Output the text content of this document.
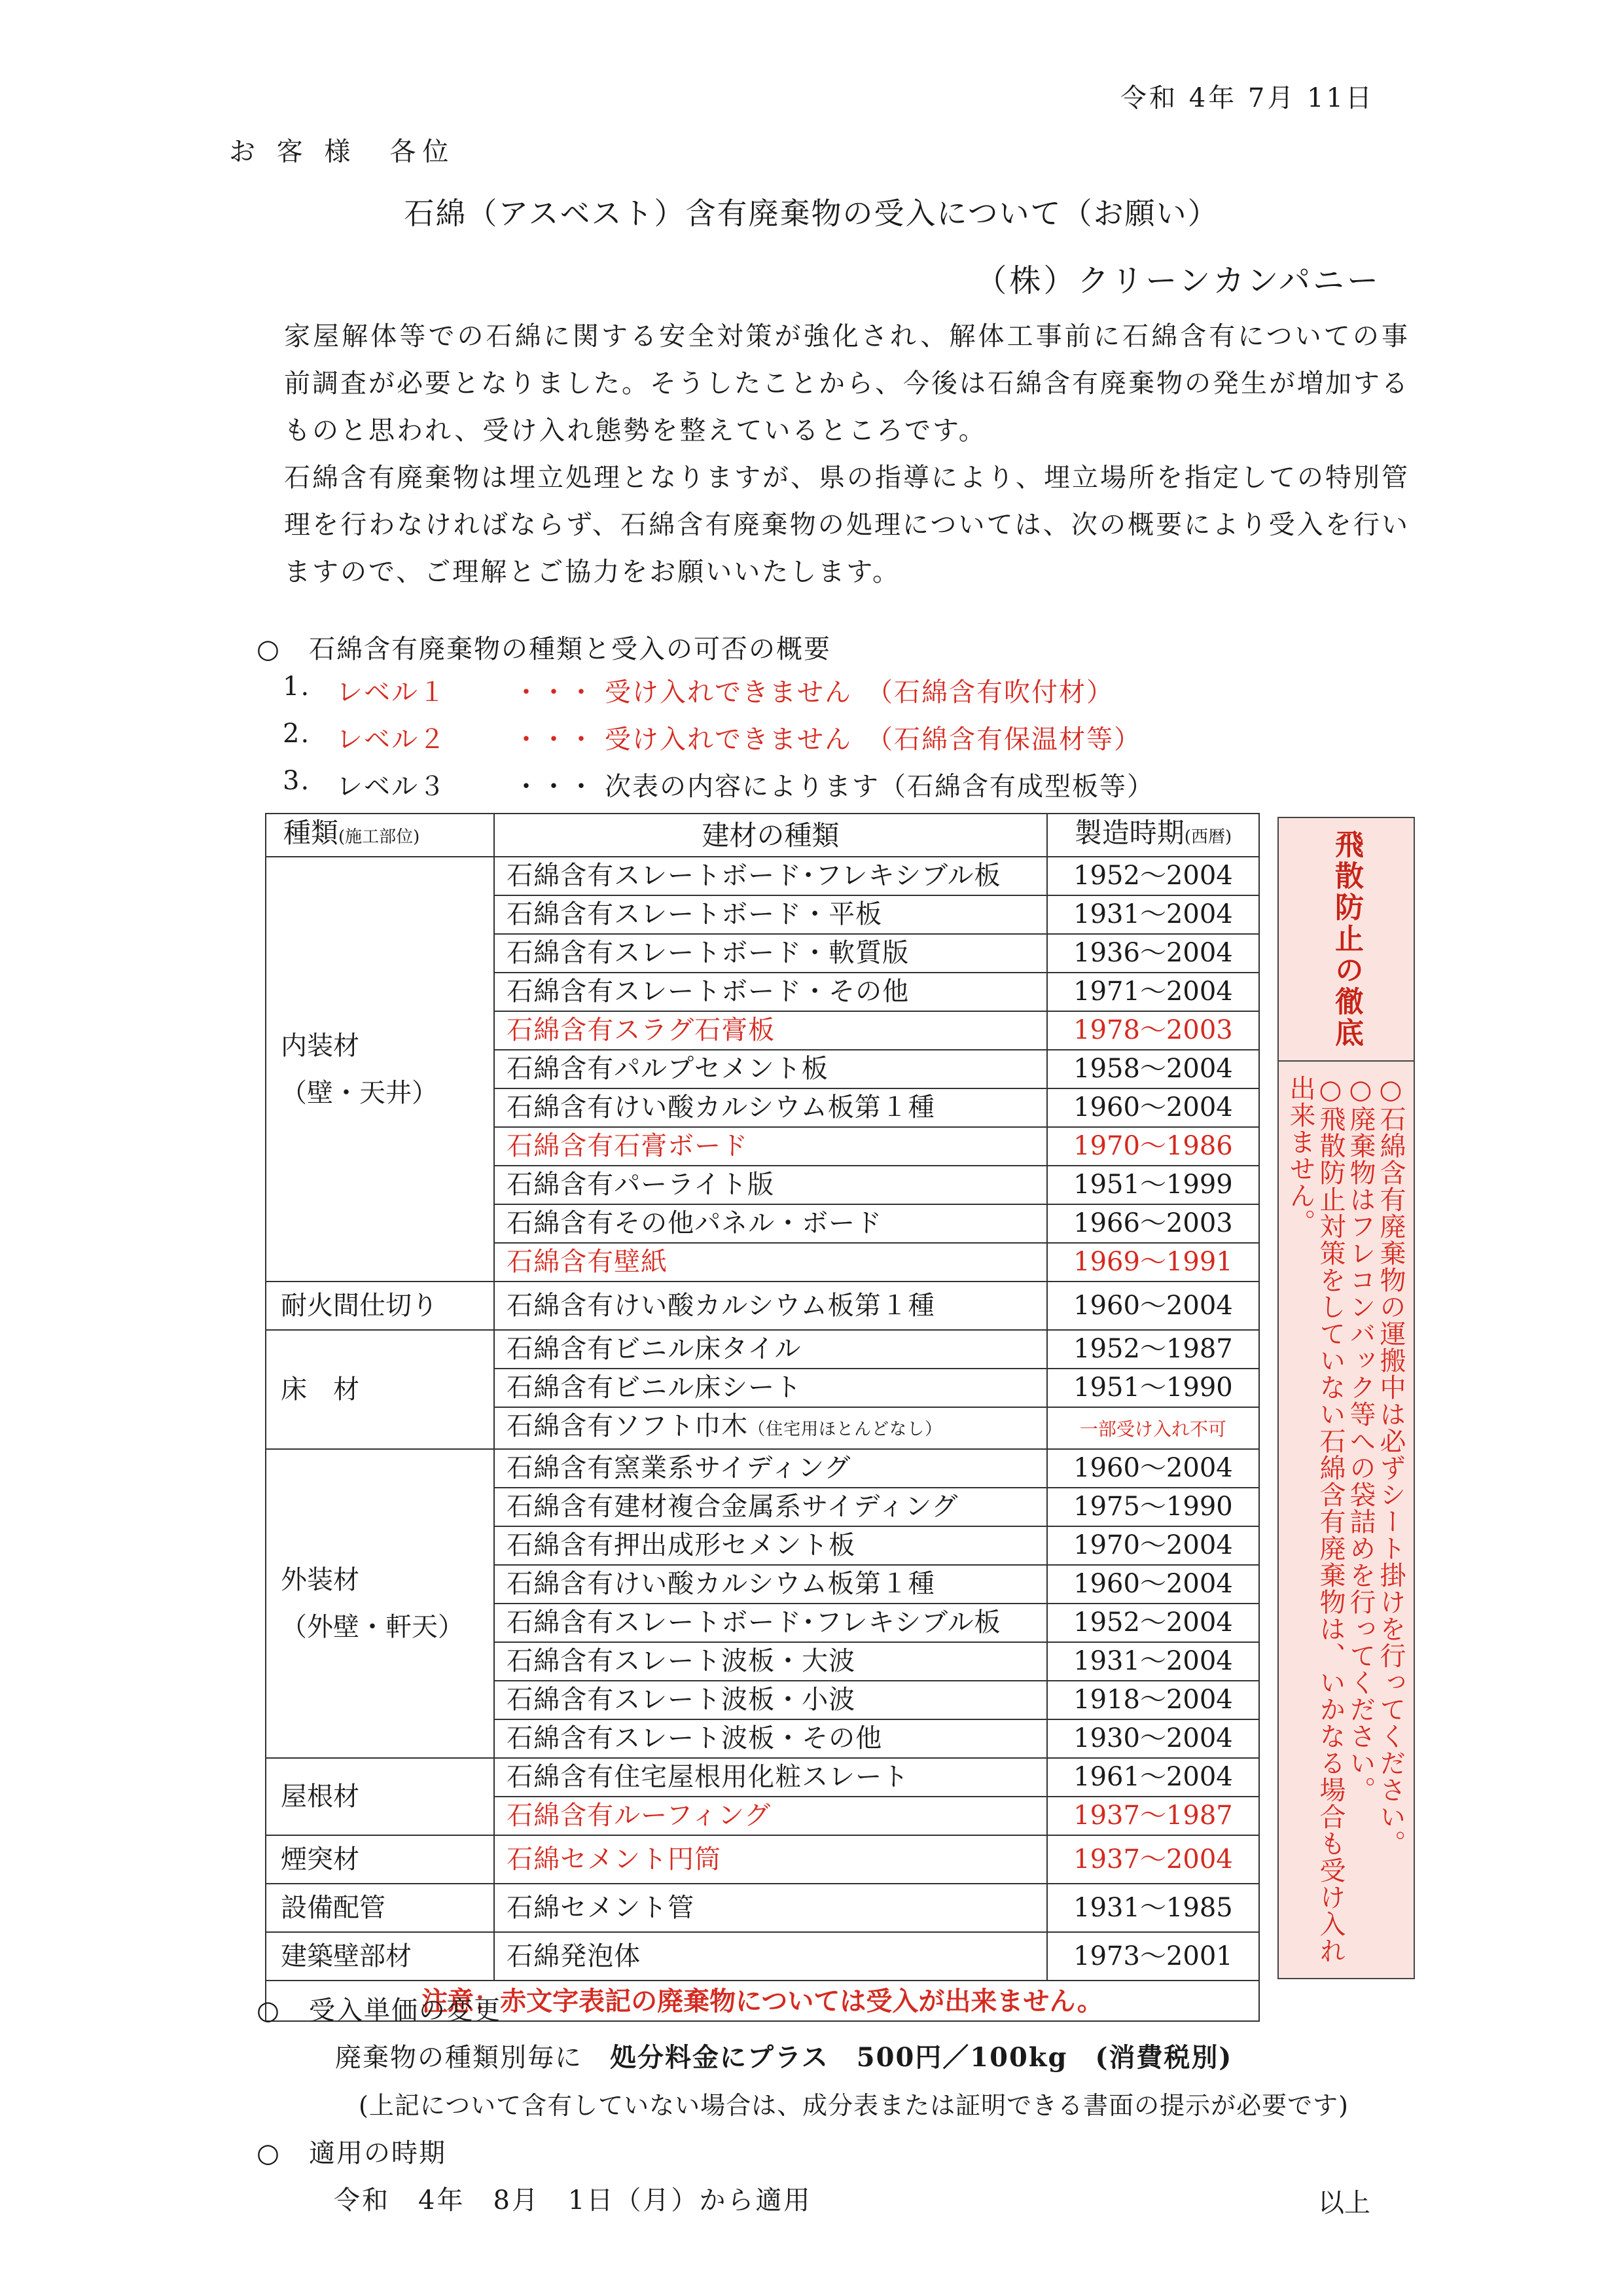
令和 4年 7月 11日
お 客 様　各位
石綿（アスベスト）含有廃棄物の受入について（お願い）
（株）クリーンカンパニー
家屋解体等での石綿に関する安全対策が強化され、解体工事前に石綿含有についての事前調査が必要となりました。そうしたことから、今後は石綿含有廃棄物の発生が増加するものと思われ、受け入れ態勢を整えているところです。
石綿含有廃棄物は埋立処理となりますが、県の指導により、埋立場所を指定しての特別管理を行わなければならず、石綿含有廃棄物の処理については、次の概要により受入を行いますので、ご理解とご協力をお願いいたします。
○ 石綿含有廃棄物の種類と受入の可否の概要
1. レベル１	・・・ 受け入れできません　（石綿含有吹付材）
2. レベル２	・・・ 受け入れできません　（石綿含有保温材等）
3. レベル３	・・・ 次表の内容によります（石綿含有成型板等）
種類(施工部位)	建材の種類	製造時期(西暦)

内装材
（壁・天井）	石綿含有スレートボード･フレキシブル板	1952～2004
	石綿含有スレートボード・平板	1931～2004
	石綿含有スレートボード・軟質版	1936～2004
	石綿含有スレートボード・その他	1971～2004
	石綿含有スラグ石膏板	1978～2003
	石綿含有パルプセメント板	1958～2004
	石綿含有けい酸カルシウム板第１種	1960～2004
	石綿含有石膏ボード	1970～1986
	石綿含有パーライト版	1951～1999
	石綿含有その他パネル・ボード	1966～2003
	石綿含有壁紙	1969～1991

耐火間仕切り	石綿含有けい酸カルシウム板第１種	1960～2004

床　材	石綿含有ビニル床タイル	1952～1987
	石綿含有ビニル床シート	1951～1990
	石綿含有ソフト巾木（住宅用ほとんどなし）	一部受け入れ不可

外装材
（外壁・軒天）	石綿含有窯業系サイディング	1960～2004
	石綿含有建材複合金属系サイディング	1975～1990
	石綿含有押出成形セメント板	1970～2004
	石綿含有けい酸カルシウム板第１種	1960～2004
	石綿含有スレートボード･フレキシブル板	1952～2004
	石綿含有スレート波板・大波	1931～2004
	石綿含有スレート波板・小波	1918～2004
	石綿含有スレート波板・その他	1930～2004

屋根材	石綿含有住宅屋根用化粧スレート	1961～2004
	石綿含有ルーフィング	1937～1987

煙突材	石綿セメント円筒	1937～2004

設備配管	石綿セメント管	1931～1985

建築壁部材	石綿発泡体	1973～2001
注意：赤文字表記の廃棄物については受入が出来ません。		
飛散防止の徹底
○石綿含有廃棄物の運搬中は必ずシート掛けを行ってください。
○廃棄物はフレコンバック等への袋詰めを行ってください。
○飛散防止対策をしていない石綿含有廃棄物は、いかなる場合も受け入れ出来ません。
○ 受入単価の変更
廃棄物の種類別毎に　 処分料金にプラス　500円／100kg　(消費税別)
(上記について含有していない場合は、成分表または証明できる書面の提示が必要です)
○ 適用の時期
令和　4年　8月　1日（月）から適用	以上
